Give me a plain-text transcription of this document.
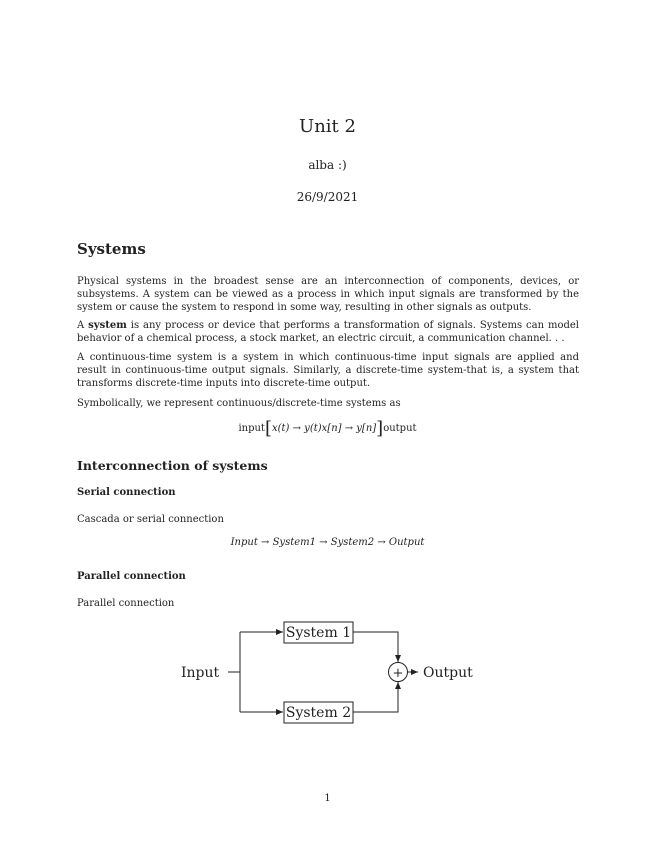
Unit 2
alba :)
26/9/2021
Systems

Physical systems in the broadest sense are an interconnection of components, devices, or subsystems. A system can be viewed as a process in which input signals are transformed by the system or cause the system to respond in some way, resulting in other signals as outputs.

A system is any process or device that performs a transformation of signals. Systems can model behavior of a chemical process, a stock market, an electric circuit, a communication channel. . .

A continuous-time system is a system in which continuous-time input signals are applied and result in continuous-time output signals. Similarly, a discrete-time system-that is, a system that transforms discrete-time inputs into discrete-time output.

Symbolically, we represent continuous/discrete-time systems as

input[x(t) → y(t)x[n] → y[n]]output
Interconnection of systems
Serial connection

Cascada or serial connection

Input → System1 → System2 → Output
Parallel connection

Parallel connection

Input
System 1
System 2
+ Output
1
